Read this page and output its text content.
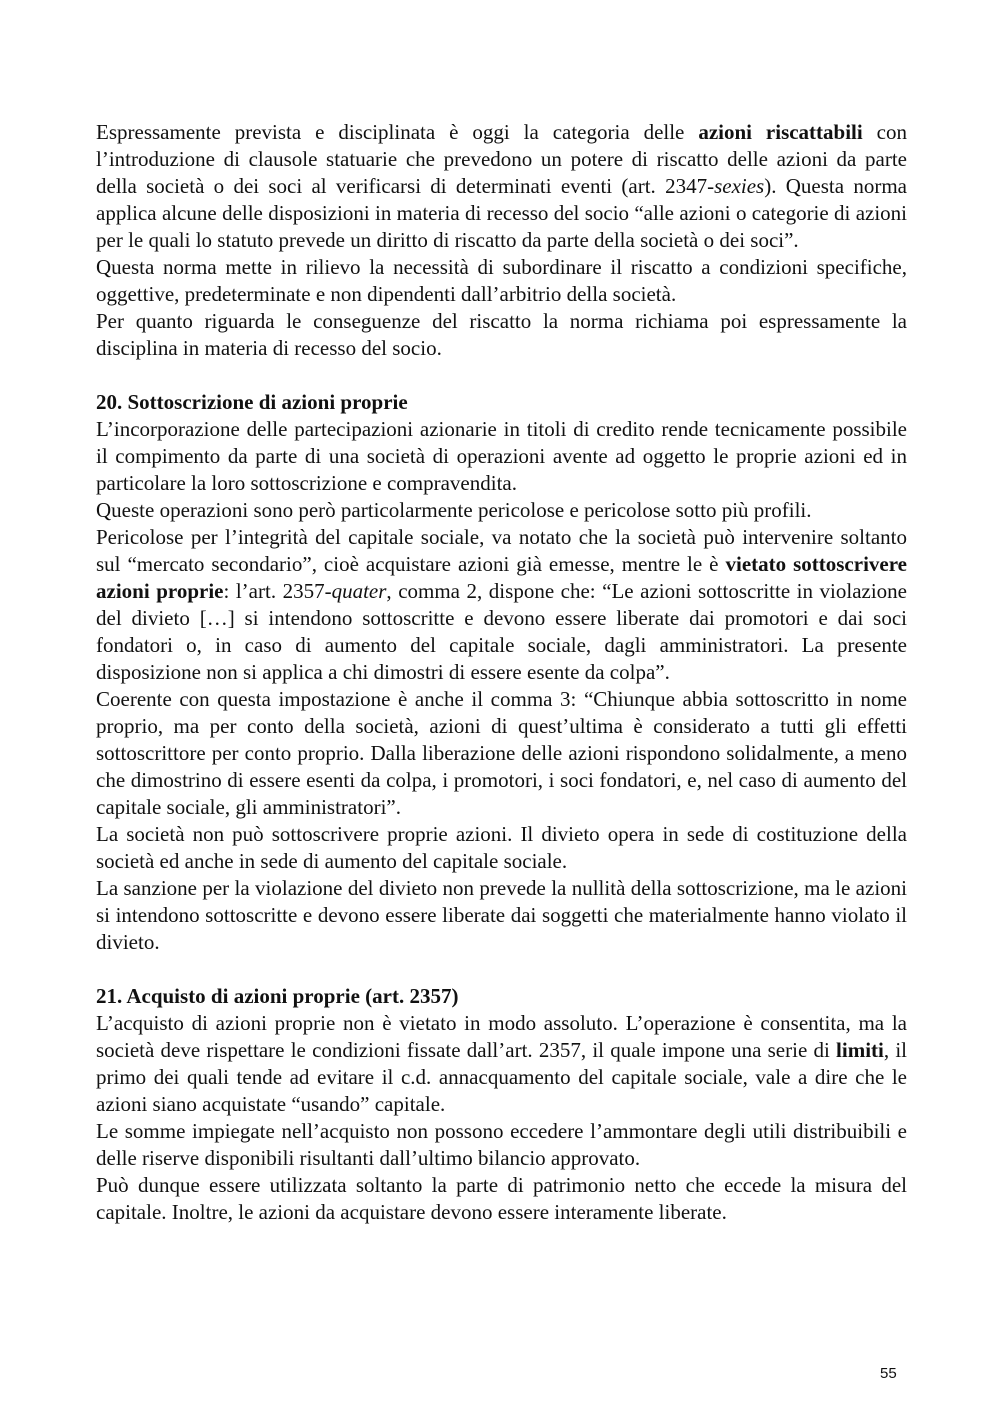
Espressamente prevista e disciplinata è oggi la categoria delle azioni riscattabili con l’introduzione di clausole statuarie che prevedono un potere di riscatto delle azioni da parte della società o dei soci al verificarsi di determinati eventi (art. 2347-sexies). Questa norma applica alcune delle disposizioni in materia di recesso del socio “alle azioni o categorie di azioni per le quali lo statuto prevede un diritto di riscatto da parte della società o dei soci”.

Questa norma mette in rilievo la necessità di subordinare il riscatto a condizioni specifiche, oggettive, predeterminate e non dipendenti dall’arbitrio della società.

Per quanto riguarda le conseguenze del riscatto la norma richiama poi espressamente la disciplina in materia di recesso del socio.

20. Sottoscrizione di azioni proprie

L’incorporazione delle partecipazioni azionarie in titoli di credito rende tecnicamente possibile il compimento da parte di una società di operazioni avente ad oggetto le proprie azioni ed in particolare la loro sottoscrizione e compravendita.

Queste operazioni sono però particolarmente pericolose e pericolose sotto più profili.

Pericolose per l’integrità del capitale sociale, va notato che la società può intervenire soltanto sul “mercato secondario”, cioè acquistare azioni già emesse, mentre le è vietato sottoscrivere azioni proprie: l’art. 2357-quater, comma 2, dispone che: “Le azioni sottoscritte in violazione del divieto […] si intendono sottoscritte e devono essere liberate dai promotori e dai soci fondatori o, in caso di aumento del capitale sociale, dagli amministratori. La presente disposizione non si applica a chi dimostri di essere esente da colpa”.

Coerente con questa impostazione è anche il comma 3: “Chiunque abbia sottoscritto in nome proprio, ma per conto della società, azioni di quest’ultima è considerato a tutti gli effetti sottoscrittore per conto proprio. Dalla liberazione delle azioni rispondono solidalmente, a meno che dimostrino di essere esenti da colpa, i promotori, i soci fondatori, e, nel caso di aumento del capitale sociale, gli amministratori”.

La società non può sottoscrivere proprie azioni. Il divieto opera in sede di costituzione della società ed anche in sede di aumento del capitale sociale.

La sanzione per la violazione del divieto non prevede la nullità della sottoscrizione, ma le azioni si intendono sottoscritte e devono essere liberate dai soggetti che materialmente hanno violato il divieto.

21. Acquisto di azioni proprie (art. 2357)

L’acquisto di azioni proprie non è vietato in modo assoluto. L’operazione è consentita, ma la società deve rispettare le condizioni fissate dall’art. 2357, il quale impone una serie di limiti, il primo dei quali tende ad evitare il c.d. annacquamento del capitale sociale, vale a dire che le azioni siano acquistate “usando” capitale.

Le somme impiegate nell’acquisto non possono eccedere l’ammontare degli utili distribuibili e delle riserve disponibili risultanti dall’ultimo bilancio approvato.

Può dunque essere utilizzata soltanto la parte di patrimonio netto che eccede la misura del capitale. Inoltre, le azioni da acquistare devono essere interamente liberate.

55
